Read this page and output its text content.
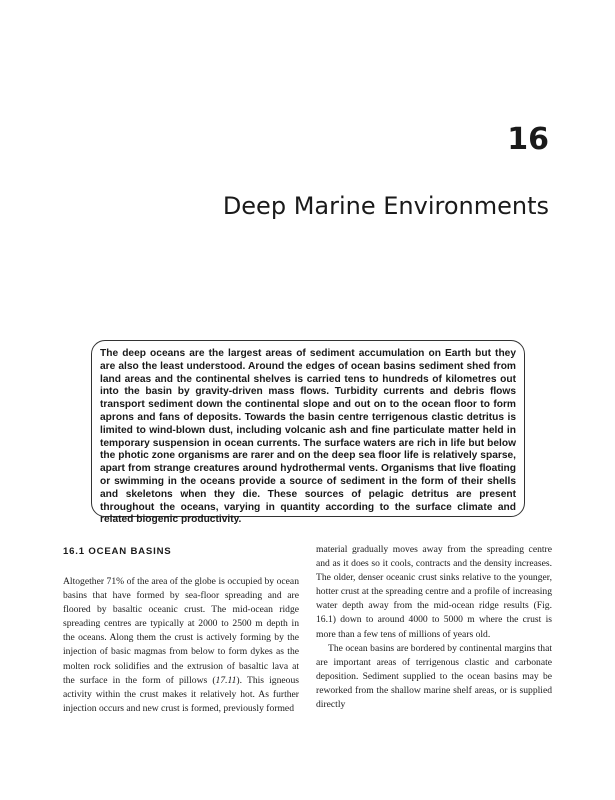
16
Deep Marine Environments
The deep oceans are the largest areas of sediment accumulation on Earth but they are also the least understood. Around the edges of ocean basins sediment shed from land areas and the continental shelves is carried tens to hundreds of kilometres out into the basin by gravity-driven mass flows. Turbidity currents and debris flows transport sediment down the continental slope and out on to the ocean floor to form aprons and fans of deposits. Towards the basin centre terrigenous clastic detritus is limited to wind-blown dust, including volcanic ash and fine particulate matter held in temporary suspension in ocean currents. The surface waters are rich in life but below the photic zone organisms are rarer and on the deep sea floor life is relatively sparse, apart from strange creatures around hydrothermal vents. Organisms that live floating or swimming in the oceans provide a source of sediment in the form of their shells and skeletons when they die. These sources of pelagic detritus are present throughout the oceans, varying in quantity according to the surface climate and related biogenic productivity.
16.1 OCEAN BASINS

Altogether 71% of the area of the globe is occupied by ocean basins that have formed by sea-floor spreading and are floored by basaltic oceanic crust. The mid-ocean ridge spreading centres are typically at 2000 to 2500 m depth in the oceans. Along them the crust is actively forming by the injection of basic magmas from below to form dykes as the molten rock solidifies and the extrusion of basaltic lava at the surface in the form of pillows (17.11). This igneous activity within the crust makes it relatively hot. As further injection occurs and new crust is formed, previously formed

material gradually moves away from the spreading centre and as it does so it cools, contracts and the density increases. The older, denser oceanic crust sinks relative to the younger, hotter crust at the spreading centre and a profile of increasing water depth away from the mid-ocean ridge results (Fig. 16.1) down to around 4000 to 5000 m where the crust is more than a few tens of millions of years old.

The ocean basins are bordered by continental margins that are important areas of terrigenous clastic and carbonate deposition. Sediment supplied to the ocean basins may be reworked from the shallow marine shelf areas, or is supplied directly
